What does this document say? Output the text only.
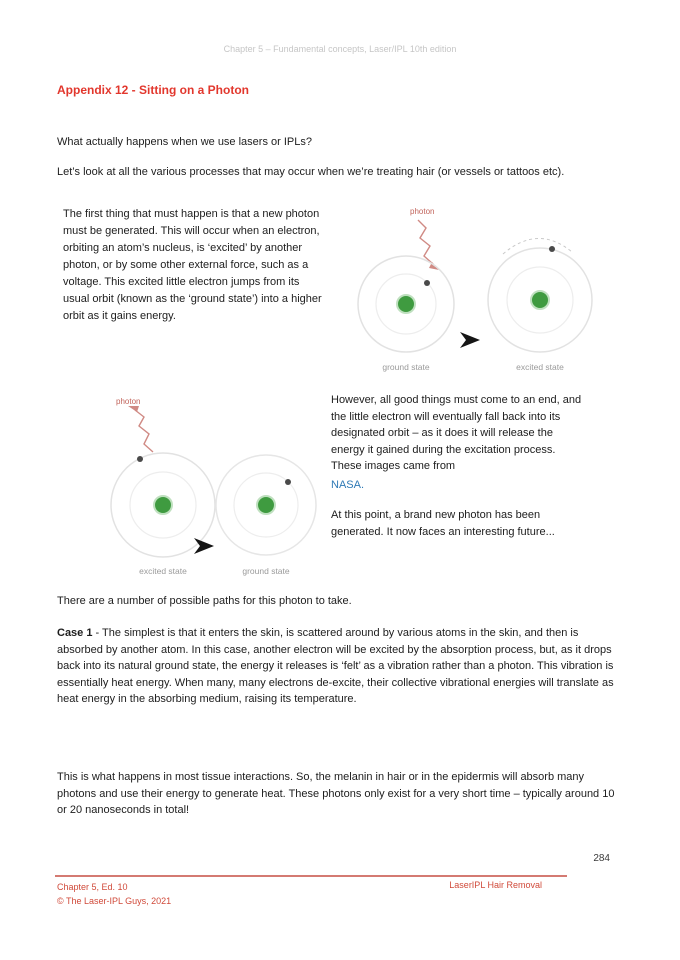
Chapter 5 – Fundamental concepts, Laser/IPL 10th edition
Appendix 12 - Sitting on a Photon
What actually happens when we use lasers or IPLs?
Let’s look at all the various processes that may occur when we’re treating hair (or vessels or tattoos etc).
The first thing that must happen is that a new photon must be generated. This will occur when an electron, orbiting an atom’s nucleus, is ‘excited’ by another photon, or by some other external force, such as a voltage. This excited little electron jumps from its usual orbit (known as the ‘ground state’) into a higher orbit as it gains energy.
photon
ground state	excited state
photon
excited state	ground state
However, all good things must come to an end, and the little electron will eventually fall back into its designated orbit – as it does it will release the energy it gained during the excitation process. These images came from
NASA.
At this point, a brand new photon has been generated. It now faces an interesting future...
There are a number of possible paths for this photon to take.
Case 1 - The simplest is that it enters the skin, is scattered around by various atoms in the skin, and then is absorbed by another atom. In this case, another electron will be excited by the absorption process, but, as it drops back into its natural ground state, the energy it releases is ‘felt’ as a vibration rather than a photon. This vibration is essentially heat energy. When many, many electrons de-excite, their collective vibrational energies will translate as heat energy in the absorbing medium, raising its temperature.
This is what happens in most tissue interactions. So, the melanin in hair or in the epidermis will absorb many photons and use their energy to generate heat. These photons only exist for a very short time – typically around 10 or 20 nanoseconds in total!
284
Chapter 5, Ed. 10
© The Laser-IPL Guys, 2021
LaserIPL Hair Removal
